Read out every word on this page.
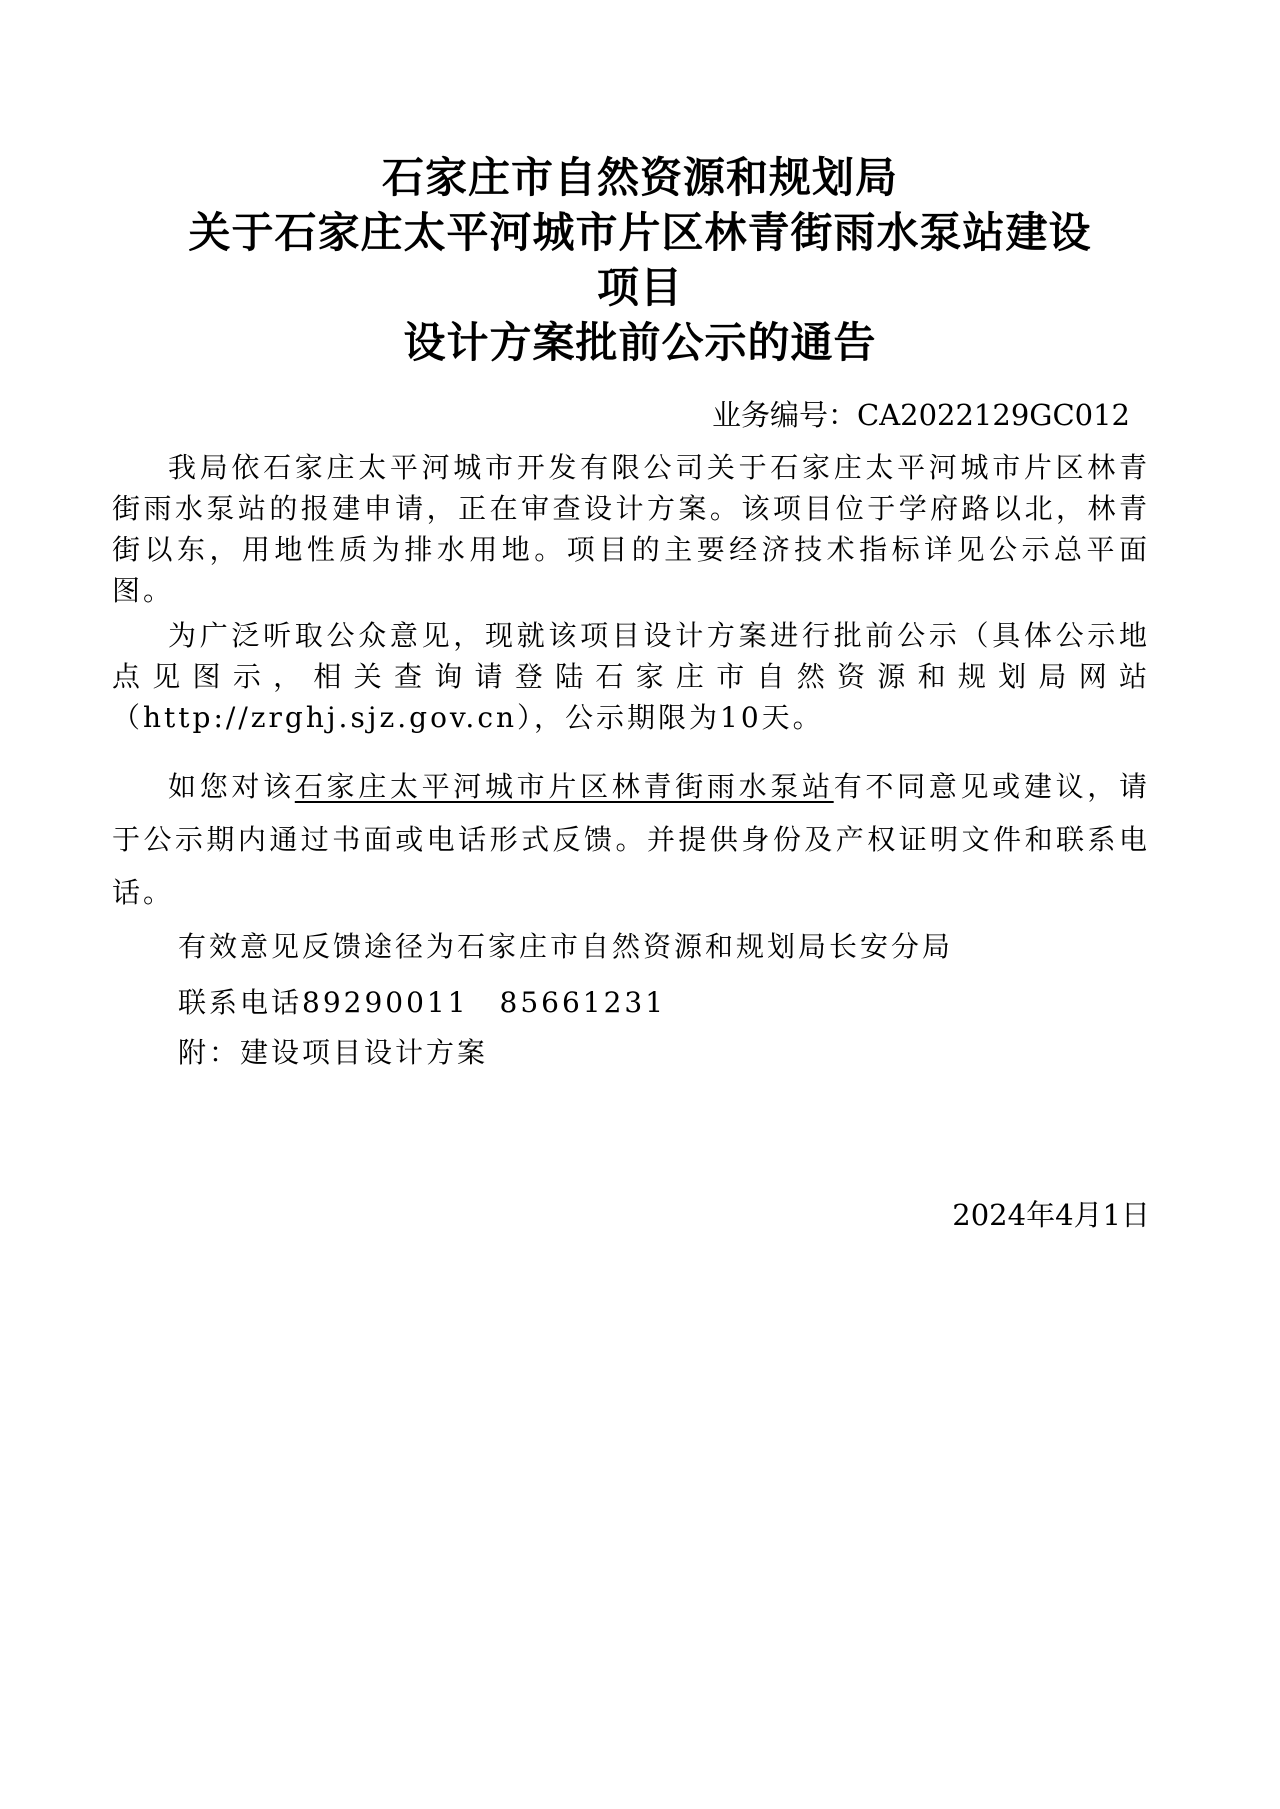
石家庄市自然资源和规划局
关于石家庄太平河城市片区林青街雨水泵站建设
项目
设计方案批前公示的通告
业务编号：CA2022129GC012

我局依石家庄太平河城市开发有限公司关于石家庄太平河城市片区林青街雨水泵站的报建申请，正在审查设计方案。该项目位于学府路以北，林青街以东，用地性质为排水用地。项目的主要经济技术指标详见公示总平面图。

为广泛听取公众意见，现就该项目设计方案进行批前公示（具体公示地点见图示，相关查询请登陆石家庄市自然资源和规划局网站（http://zrghj.sjz.gov.cn），公示期限为10天。

如您对该石家庄太平河城市片区林青街雨水泵站有不同意见或建议，请于公示期内通过书面或电话形式反馈。并提供身份及产权证明文件和联系电话。

有效意见反馈途径为石家庄市自然资源和规划局长安分局
联系电话89290011　85661231
附：建设项目设计方案
2024年4月1日
